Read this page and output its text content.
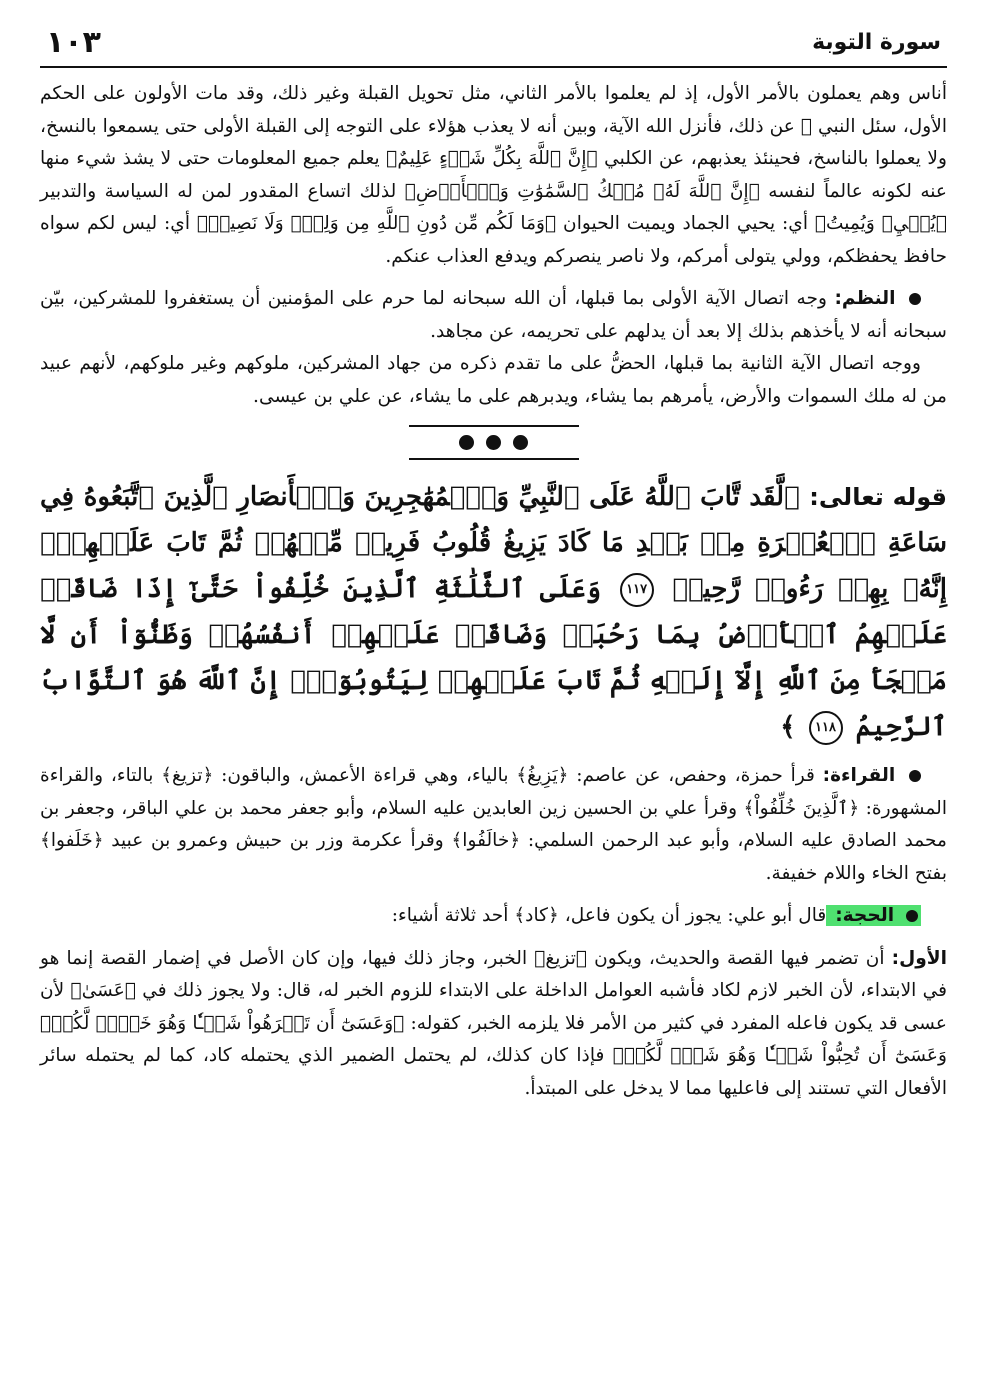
سورة التوبة
١٠٣

أناس وهم يعملون بالأمر الأول، إذ لم يعلموا بالأمر الثاني، مثل تحويل القبلة وغير ذلك، وقد مات الأولون على الحكم الأول، سئل النبي ﷺ عن ذلك، فأنزل الله الآية، وبين أنه لا يعذب هؤلاء على التوجه إلى القبلة الأولى حتى يسمعوا بالنسخ، ولا يعملوا بالناسخ، فحينئذ يعذبهم، عن الكلبي ﴿إِنَّ ٱللَّهَ بِكُلِّ شَيۡءٍ عَلِيمٌ﴾ يعلم جميع المعلومات حتى لا يشذ شيء منها عنه لكونه عالماً لنفسه ﴿إِنَّ ٱللَّهَ لَهُۥ مُلۡكُ ٱلسَّمَٰوَٰتِ وَٱلۡأَرۡضِ﴾ لذلك اتساع المقدور لمن له السياسة والتدبير ﴿يُحۡيِۦ وَيُمِيتُ﴾ أي: يحيي الجماد ويميت الحيوان ﴿وَمَا لَكُم مِّن دُونِ ٱللَّهِ مِن وَلِيّٖ وَلَا نَصِيرٖ﴾ أي: ليس لكم سواه حافظ يحفظكم، وولي يتولى أمركم، ولا ناصر ينصركم ويدفع العذاب عنكم.

النظم: وجه اتصال الآية الأولى بما قبلها، أن الله سبحانه لما حرم على المؤمنين أن يستغفروا للمشركين، بيّن سبحانه أنه لا يأخذهم بذلك إلا بعد أن يدلهم على تحريمه، عن مجاهد.

ووجه اتصال الآية الثانية بما قبلها، الحضُّ على ما تقدم ذكره من جهاد المشركين، ملوكهم وغير ملوكهم، لأنهم عبيد من له ملك السموات والأرض، يأمرهم بما يشاء، ويدبرهم على ما يشاء، عن علي بن عيسى.

قوله تعالى: ﴿لَّقَد تَّابَ ٱللَّهُ عَلَى ٱلنَّبِيِّ وَٱلۡمُهَٰجِرِينَ وَٱلۡأَنصَارِ ٱلَّذِينَ ٱتَّبَعُوهُ فِي سَاعَةِ ٱلۡعُسۡرَةِ مِنۢ بَعۡدِ مَا كَادَ يَزِيغُ قُلُوبُ فَرِيقٖ مِّنۡهُمۡ ثُمَّ تَابَ عَلَيۡهِمۡۚ إِنَّهُۥ بِهِمۡ رَءُوفٞ رَّحِيمٞ ١١٧ وَعَلَى ٱلثَّلَٰثَةِ ٱلَّذِينَ خُلِّفُواْ حَتَّىٰٓ إِذَا ضَاقَتۡ عَلَيۡهِمُ ٱلۡأَرۡضُ بِمَا رَحُبَتۡ وَضَاقَتۡ عَلَيۡهِمۡ أَنفُسُهُمۡ وَظَنُّوٓاْ أَن لَّا مَلۡجَأَ مِنَ ٱللَّهِ إِلَّآ إِلَيۡهِ ثُمَّ تَابَ عَلَيۡهِمۡ لِيَتُوبُوٓاْۚ إِنَّ ٱللَّهَ هُوَ ٱلتَّوَّابُ ٱلرَّحِيمُ ١١٨ ﴾

القراءة: قرأ حمزة، وحفص، عن عاصم: ﴿يَزِيغُ﴾ بالياء، وهي قراءة الأعمش، والباقون: ﴿تزيغ﴾ بالتاء، والقراءة المشهورة: ﴿ٱلَّذِينَ خُلِّفُواْ﴾ وقرأ علي بن الحسين زين العابدين عليه السلام، وأبو جعفر محمد بن علي الباقر، وجعفر بن محمد الصادق عليه السلام، وأبو عبد الرحمن السلمي: ﴿خالَفُوا﴾ وقرأ عكرمة وزر بن حبيش وعمرو بن عبيد ﴿خَلَفوا﴾ بفتح الخاء واللام خفيفة.

الحجة: قال أبو علي: يجوز أن يكون فاعل، ﴿كاد﴾ أحد ثلاثة أشياء:

الأول: أن تضمر فيها القصة والحديث، ويكون ﴿تزيغ﴾ الخبر، وجاز ذلك فيها، وإن كان الأصل في إضمار القصة إنما هو في الابتداء، لأن الخبر لازم لكاد فأشبه العوامل الداخلة على الابتداء للزوم الخبر له، قال: ولا يجوز ذلك في ﴿عَسَىٰ﴾ لأن عسى قد يكون فاعله المفرد في كثير من الأمر فلا يلزمه الخبر، كقوله: ﴿وَعَسَىٰٓ أَن تَكۡرَهُواْ شَيۡـٔٗا وَهُوَ خَيۡرٞ لَّكُمۡۖ وَعَسَىٰٓ أَن تُحِبُّواْ شَيۡـٔٗا وَهُوَ شَرّٞ لَّكُمۡ﴾ فإذا كان كذلك، لم يحتمل الضمير الذي يحتمله كاد، كما لم يحتمله سائر الأفعال التي تستند إلى فاعليها مما لا يدخل على المبتدأ.
